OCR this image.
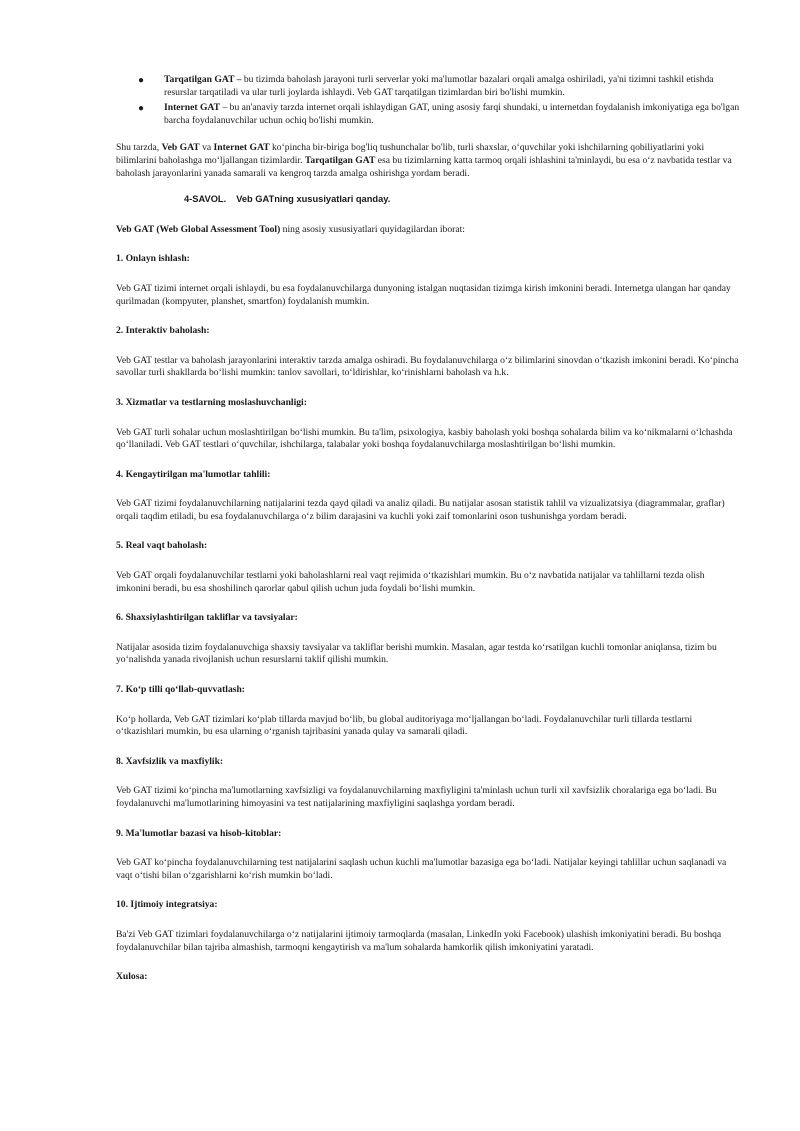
● Tarqatilgan GAT – bu tizimda baholash jarayoni turli serverlar yoki ma'lumotlar bazalari orqali amalga oshiriladi, ya'ni tizimni tashkil etishda resurslar tarqatiladi va ular turli joylarda ishlaydi. Veb GAT tarqatilgan tizimlardan biri bo'lishi mumkin.
● Internet GAT – bu an'anaviy tarzda internet orqali ishlaydigan GAT, uning asosiy farqi shundaki, u internetdan foydalanish imkoniyatiga ega bo'lgan barcha foydalanuvchilar uchun ochiq bo'lishi mumkin.

Shu tarzda, Veb GAT va Internet GAT ko‘pincha bir-biriga bog'liq tushunchalar bo'lib, turli shaxslar, o‘quvchilar yoki ishchilarning qobiliyatlarini yoki bilimlarini baholashga mo‘ljallangan tizimlardir. Tarqatilgan GAT esa bu tizimlarning katta tarmoq orqali ishlashini ta'minlaydi, bu esa o‘z navbatida testlar va baholash jarayonlarini yanada samarali va kengroq tarzda amalga oshirishga yordam beradi.

4-SAVOL. Veb GATning xususiyatlari qanday.

Veb GAT (Web Global Assessment Tool) ning asosiy xususiyatlari quyidagilardan iborat:

1. Onlayn ishlash:

Veb GAT tizimi internet orqali ishlaydi, bu esa foydalanuvchilarga dunyoning istalgan nuqtasidan tizimga kirish imkonini beradi. Internetga ulangan har qanday qurilmadan (kompyuter, planshet, smartfon) foydalanish mumkin.

2. Interaktiv baholash:

Veb GAT testlar va baholash jarayonlarini interaktiv tarzda amalga oshiradi. Bu foydalanuvchilarga o‘z bilimlarini sinovdan o‘tkazish imkonini beradi. Ko‘pincha savollar turli shakllarda bo‘lishi mumkin: tanlov savollari, to‘ldirishlar, ko‘rinishlarni baholash va h.k.

3. Xizmatlar va testlarning moslashuvchanligi:

Veb GAT turli sohalar uchun moslashtirilgan bo‘lishi mumkin. Bu ta'lim, psixologiya, kasbiy baholash yoki boshqa sohalarda bilim va ko‘nikmalarni o‘lchashda qo‘llaniladi. Veb GAT testlari o‘quvchilar, ishchilarga, talabalar yoki boshqa foydalanuvchilarga moslashtirilgan bo‘lishi mumkin.

4. Kengaytirilgan ma'lumotlar tahlili:

Veb GAT tizimi foydalanuvchilarning natijalarini tezda qayd qiladi va analiz qiladi. Bu natijalar asosan statistik tahlil va vizualizatsiya (diagrammalar, graflar) orqali taqdim etiladi, bu esa foydalanuvchilarga o‘z bilim darajasini va kuchli yoki zaif tomonlarini oson tushunishga yordam beradi.

5. Real vaqt baholash:

Veb GAT orqali foydalanuvchilar testlarni yoki baholashlarni real vaqt rejimida o‘tkazishlari mumkin. Bu o‘z navbatida natijalar va tahlillarni tezda olish imkonini beradi, bu esa shoshilinch qarorlar qabul qilish uchun juda foydali bo‘lishi mumkin.

6. Shaxsiylashtirilgan takliflar va tavsiyalar:

Natijalar asosida tizim foydalanuvchiga shaxsiy tavsiyalar va takliflar berishi mumkin. Masalan, agar testda ko‘rsatilgan kuchli tomonlar aniqlansa, tizim bu yo‘nalishda yanada rivojlanish uchun resurslarni taklif qilishi mumkin.

7. Ko‘p tilli qo‘llab-quvvatlash:

Ko‘p hollarda, Veb GAT tizimlari ko‘plab tillarda mavjud bo‘lib, bu global auditoriyaga mo‘ljallangan bo‘ladi. Foydalanuvchilar turli tillarda testlarni o‘tkazishlari mumkin, bu esa ularning o‘rganish tajribasini yanada qulay va samarali qiladi.

8. Xavfsizlik va maxfiylik:

Veb GAT tizimi ko‘pincha ma'lumotlarning xavfsizligi va foydalanuvchilarning maxfiyligini ta'minlash uchun turli xil xavfsizlik choralariga ega bo‘ladi. Bu foydalanuvchi ma'lumotlarining himoyasini va test natijalarining maxfiyligini saqlashga yordam beradi.

9. Ma'lumotlar bazasi va hisob-kitoblar:

Veb GAT ko‘pincha foydalanuvchilarning test natijalarini saqlash uchun kuchli ma'lumotlar bazasiga ega bo‘ladi. Natijalar keyingi tahlillar uchun saqlanadi va vaqt o‘tishi bilan o‘zgarishlarni ko‘rish mumkin bo‘ladi.

10. Ijtimoiy integratsiya:

Ba'zi Veb GAT tizimlari foydalanuvchilarga o‘z natijalarini ijtimoiy tarmoqlarda (masalan, LinkedIn yoki Facebook) ulashish imkoniyatini beradi. Bu boshqa foydalanuvchilar bilan tajriba almashish, tarmoqni kengaytirish va ma'lum sohalarda hamkorlik qilish imkoniyatini yaratadi.

Xulosa:
